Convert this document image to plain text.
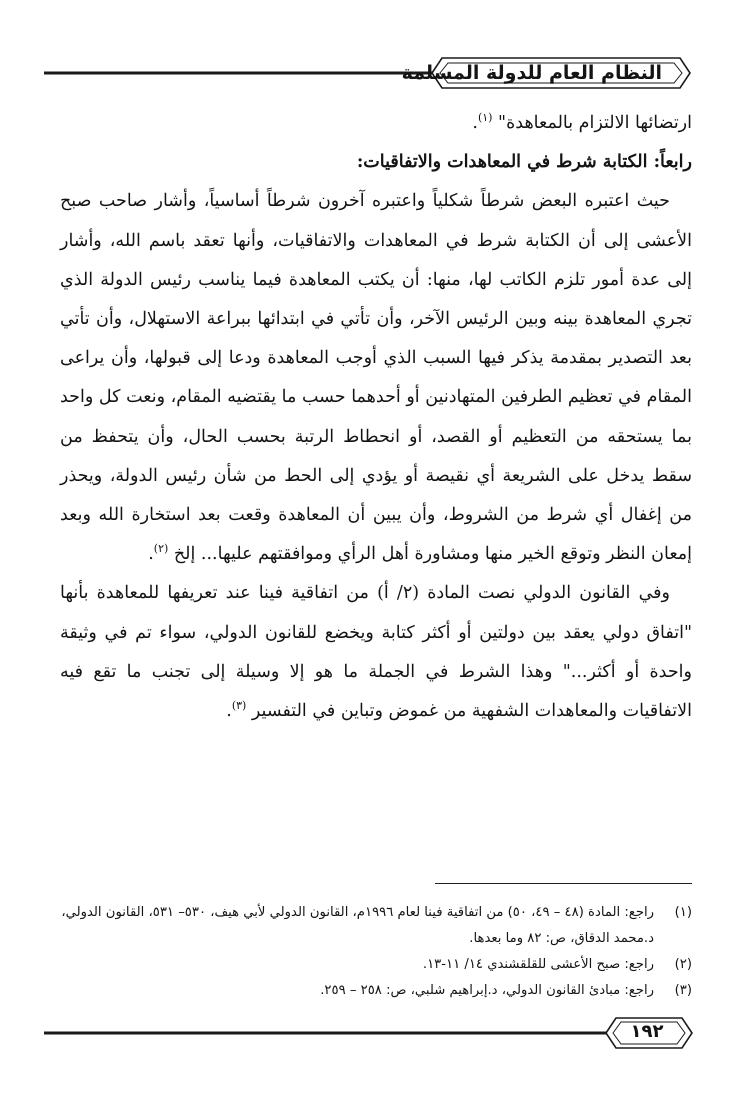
النظام العام للدولة المسلمة

ارتضائها الالتزام بالمعاهدة" $^{(١)}$.

رابعاً: الكتابة شرط في المعاهدات والاتفاقيات:

حيث اعتبره البعض شرطاً شكلياً واعتبره آخرون شرطاً أساسياً، وأشار صاحب صبح الأعشى إلى أن الكتابة شرط في المعاهدات والاتفاقيات، وأنها تعقد باسم الله، وأشار إلى عدة أمور تلزم الكاتب لها، منها: أن يكتب المعاهدة فيما يناسب رئيس الدولة الذي تجري المعاهدة بينه وبين الرئيس الآخر، وأن تأتي في ابتدائها ببراعة الاستهلال، وأن تأتي بعد التصدير بمقدمة يذكر فيها السبب الذي أوجب المعاهدة ودعا إلى قبولها، وأن يراعى المقام في تعظيم الطرفين المتهادنين أو أحدهما حسب ما يقتضيه المقام، ونعت كل واحد بما يستحقه من التعظيم أو القصد، أو انحطاط الرتبة بحسب الحال، وأن يتحفظ من سقط يدخل على الشريعة أي نقيصة أو يؤدي إلى الحط من شأن رئيس الدولة، ويحذر من إغفال أي شرط من الشروط، وأن يبين أن المعاهدة وقعت بعد استخارة الله وبعد إمعان النظر وتوقع الخير منها ومشاورة أهل الرأي وموافقتهم عليها... إلخ $^{(٢)}$.

وفي القانون الدولي نصت المادة (٢/ أ) من اتفاقية فينا عند تعريفها للمعاهدة بأنها "اتفاق دولي يعقد بين دولتين أو أكثر كتابة ويخضع للقانون الدولي، سواء تم في وثيقة واحدة أو أكثر..." وهذا الشرط في الجملة ما هو إلا وسيلة إلى تجنب ما تقع فيه الاتفاقيات والمعاهدات الشفهية من غموض وتباين في التفسير $^{(٣)}$.

(١)
راجع: المادة (٤٨ – ٤٩، ٥٠) من اتفاقية فينا لعام ١٩٩٦م، القانون الدولي لأبي هيف، ٥٣٠– ٥٣١، القانون الدولي، د.محمد الدقاق، ص: ٨٢ وما بعدها.
(٢)
راجع: صبح الأعشى للقلقشندي ١٤/ ١١-١٣.
(٣)
راجع: مبادئ القانون الدولي، د.إبراهيم شلبي، ص: ٢٥٨ – ٢٥٩.
١٩٢
